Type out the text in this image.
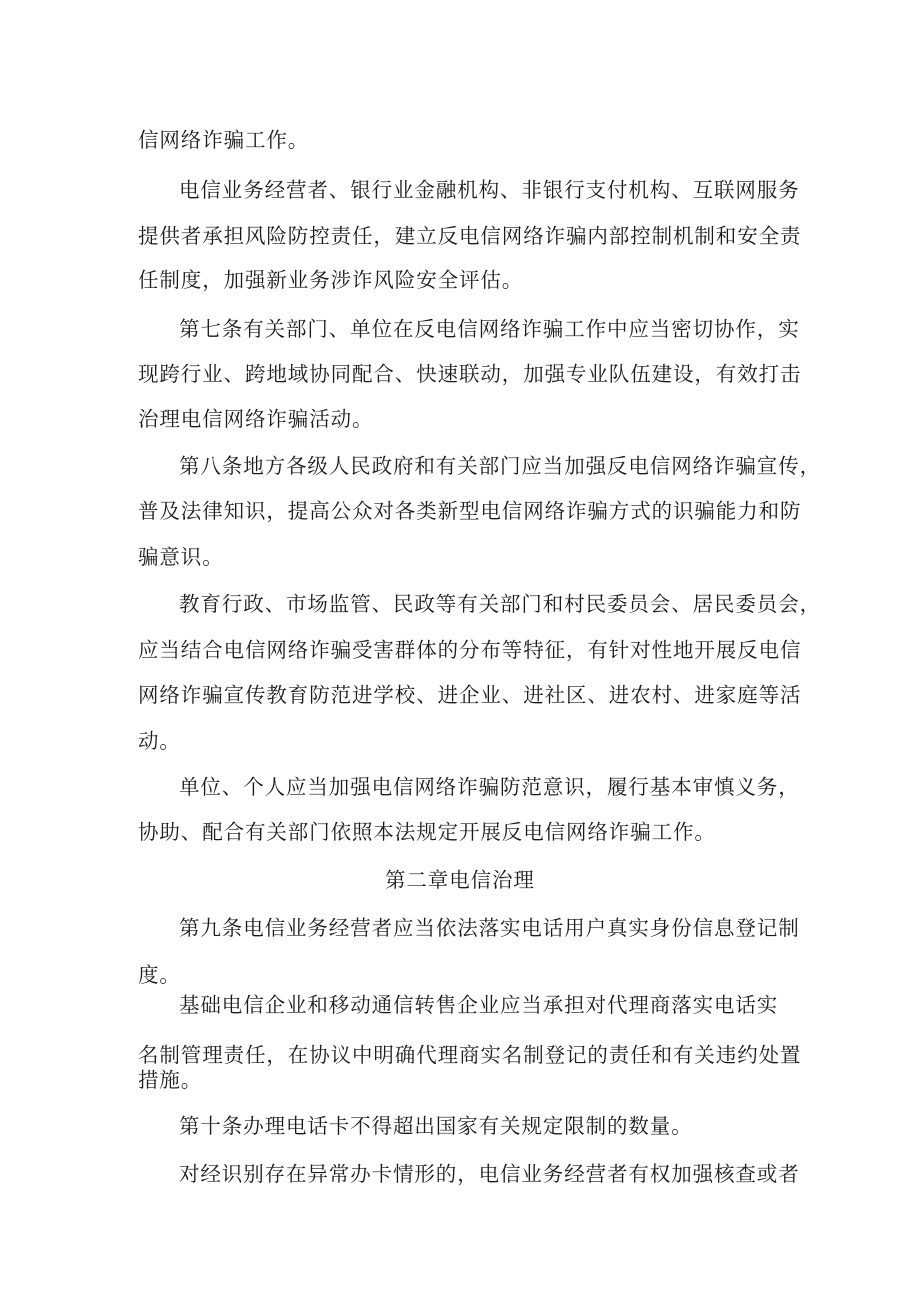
信网络诈骗工作。
电信业务经营者、银行业金融机构、非银行支付机构、互联网服务
提供者承担风险防控责任，建立反电信网络诈骗内部控制机制和安全责
任制度，加强新业务涉诈风险安全评估。
第七条有关部门、单位在反电信网络诈骗工作中应当密切协作，实
现跨行业、跨地域协同配合、快速联动，加强专业队伍建设，有效打击
治理电信网络诈骗活动。
第八条地方各级人民政府和有关部门应当加强反电信网络诈骗宣传，
普及法律知识，提高公众对各类新型电信网络诈骗方式的识骗能力和防
骗意识。
教育行政、市场监管、民政等有关部门和村民委员会、居民委员会，
应当结合电信网络诈骗受害群体的分布等特征，有针对性地开展反电信
网络诈骗宣传教育防范进学校、进企业、进社区、进农村、进家庭等活
动。
单位、个人应当加强电信网络诈骗防范意识，履行基本审慎义务，
协助、配合有关部门依照本法规定开展反电信网络诈骗工作。
第二章电信治理
第九条电信业务经营者应当依法落实电话用户真实身份信息登记制
度。
基础电信企业和移动通信转售企业应当承担对代理商落实电话实
名制管理责任，在协议中明确代理商实名制登记的责任和有关违约处置
措施。
第十条办理电话卡不得超出国家有关规定限制的数量。
对经识别存在异常办卡情形的，电信业务经营者有权加强核查或者
